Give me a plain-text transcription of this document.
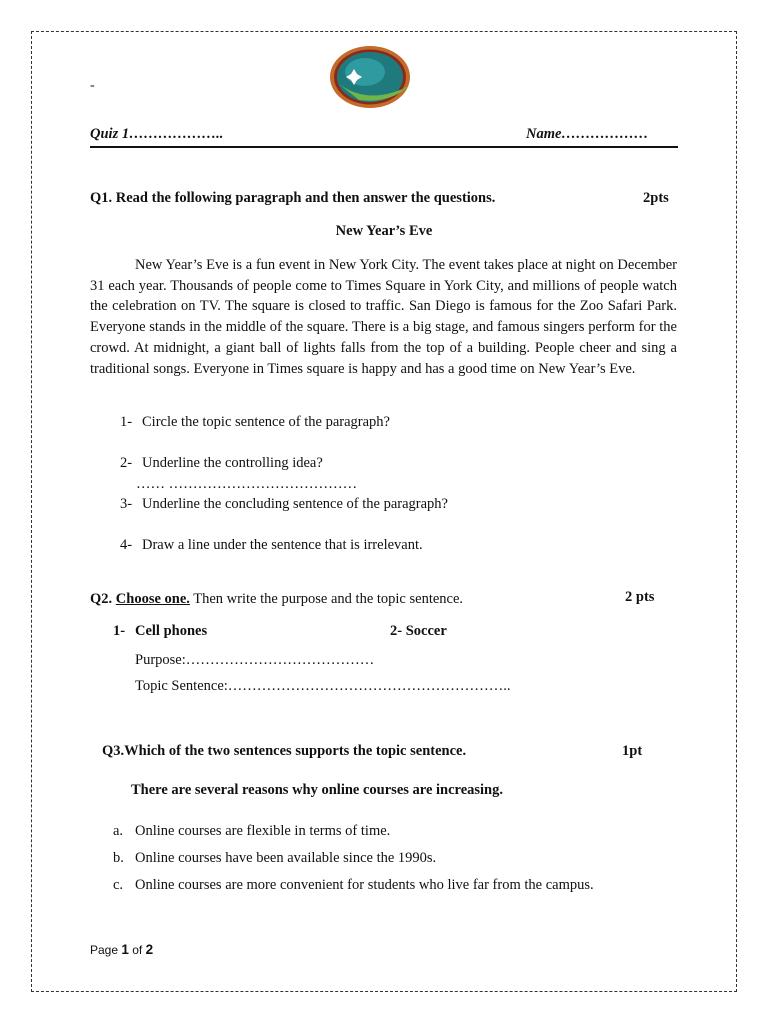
-
Quiz 1………………..	Name………………
Q1. Read the following paragraph and then answer the questions.	2pts
New Year’s Eve
New Year’s Eve is a fun event in New York City. The event takes place at night on December 31 each year. Thousands of people come to Times Square in York City, and millions of people watch the celebration on TV. The square is closed to traffic. San Diego is famous for the Zoo Safari Park. Everyone stands in the middle of the square. There is a big stage, and famous singers perform for the crowd. At midnight, a giant ball of lights falls from the top of a building. People cheer and sing a traditional songs. Everyone in Times square is happy and has a good time on New Year’s Eve.
1- Circle the topic sentence of the paragraph?
2- Underline the controlling idea?
…… …………………………………
3- Underline the concluding sentence of the paragraph?
4- Draw a line under the sentence that is irrelevant.
Q2. Choose one. Then write the purpose and the topic sentence.	2 pts
1- Cell phones	2- Soccer
Purpose:…………………………………
Topic Sentence:…………………………………………………..
Q3.Which of the two sentences supports the topic sentence.	1pt
There are several reasons why online courses are increasing.
a. Online courses are flexible in terms of time.
b. Online courses have been available since the 1990s.
c. Online courses are more convenient for students who live far from the campus.
Page 1 of 2
